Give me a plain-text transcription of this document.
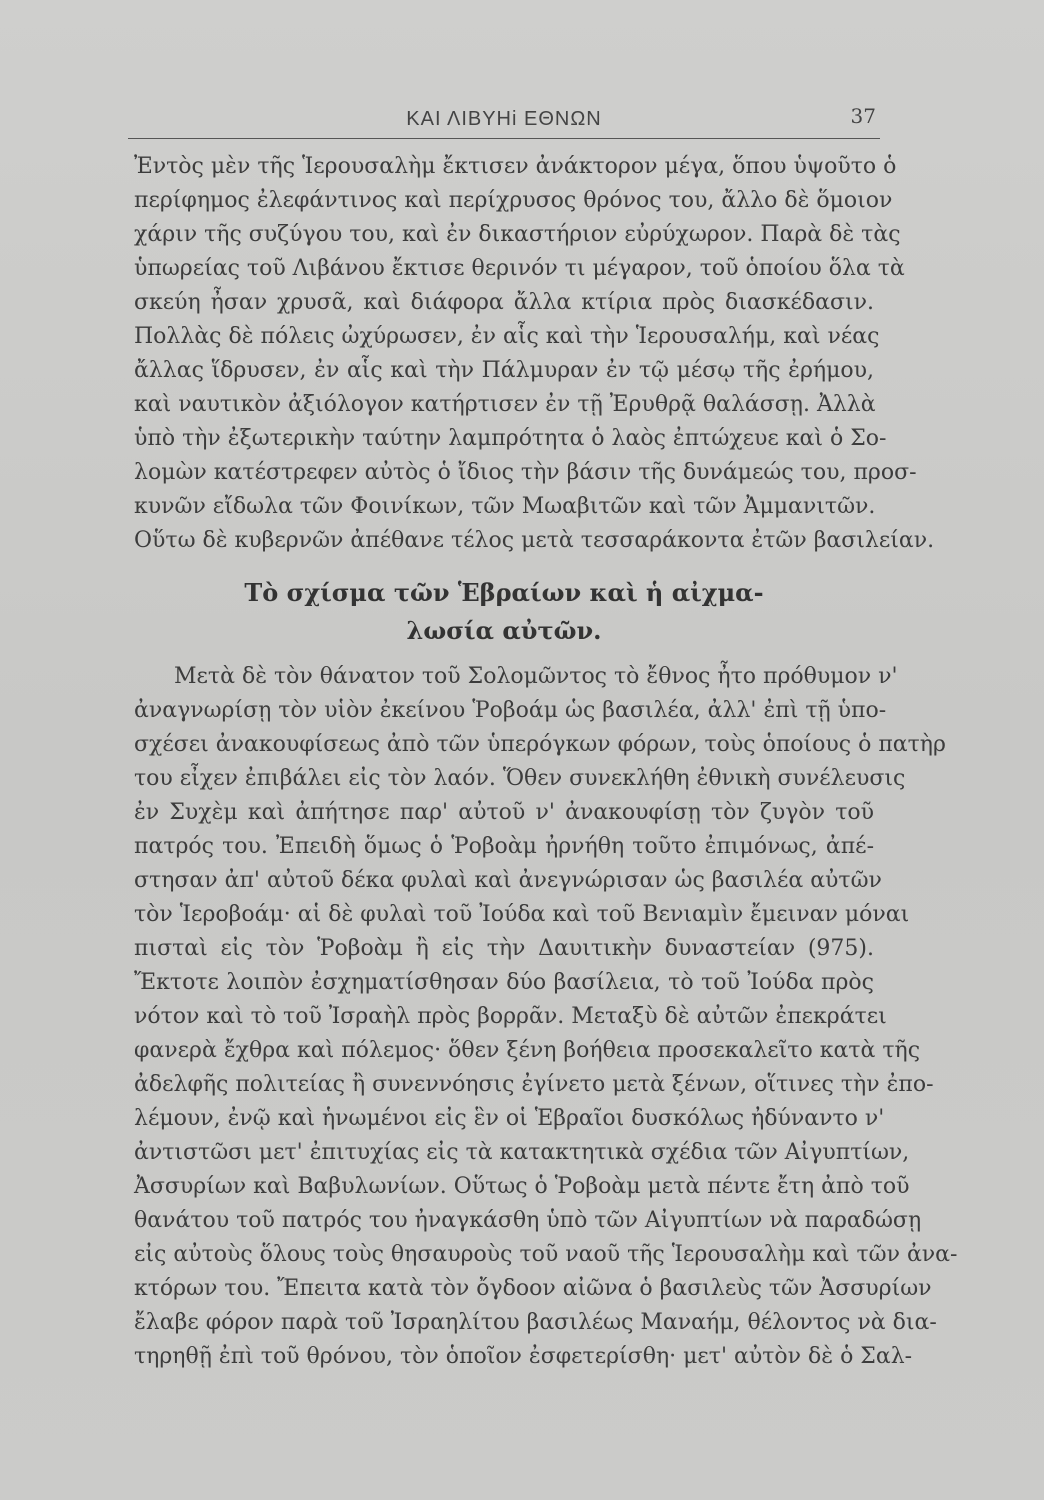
ΚΑΙ ΛΙΒΥΗi ΕΘΝΩΝ	37
Ἐντὸς μὲν τῆς Ἱερουσαλὴμ ἔκτισεν ἀνάκτορον μέγα, ὅπου ὑψοῦτο ὁ
περίφημος ἐλεφάντινος καὶ περίχρυσος θρόνος του, ἄλλο δὲ ὅμοιον
χάριν τῆς συζύγου του, καὶ ἐν δικαστήριον εὐρύχωρον. Παρὰ δὲ τὰς
ὑπωρείας τοῦ Λιβάνου ἔκτισε θερινόν τι μέγαρον, τοῦ ὁποίου ὅλα τὰ
σκεύη ἦσαν χρυσᾶ, καὶ διάφορα ἄλλα κτίρια πρὸς διασκέδασιν.
Πολλὰς δὲ πόλεις ὠχύρωσεν, ἐν αἷς καὶ τὴν Ἱερουσαλήμ, καὶ νέας
ἄλλας ἵδρυσεν, ἐν αἷς καὶ τὴν Πάλμυραν ἐν τῷ μέσῳ τῆς ἐρήμου,
καὶ ναυτικὸν ἀξιόλογον κατήρτισεν ἐν τῇ Ἐρυθρᾷ θαλάσσῃ. Ἀλλὰ
ὑπὸ τὴν ἐξωτερικὴν ταύτην λαμπρότητα ὁ λαὸς ἐπτώχευε καὶ ὁ Σο-
λομὼν κατέστρεφεν αὐτὸς ὁ ἴδιος τὴν βάσιν τῆς δυνάμεώς του, προσ-
κυνῶν εἴδωλα τῶν Φοινίκων, τῶν Μωαβιτῶν καὶ τῶν Ἀμμανιτῶν.
Οὕτω δὲ κυβερνῶν ἀπέθανε τέλος μετὰ τεσσαράκοντα ἐτῶν βασιλείαν.
Τὸ σχίσμα τῶν Ἑβραίων καὶ ἡ αἰχμα-
λωσία αὐτῶν.
Μετὰ δὲ τὸν θάνατον τοῦ Σολομῶντος τὸ ἔθνος ἦτο πρόθυμον ν'
ἀναγνωρίσῃ τὸν υἱὸν ἐκείνου Ῥοβοάμ ὡς βασιλέα, ἀλλ' ἐπὶ τῇ ὑπο-
σχέσει ἀνακουφίσεως ἀπὸ τῶν ὑπερόγκων φόρων, τοὺς ὁποίους ὁ πατὴρ
του εἶχεν ἐπιβάλει εἰς τὸν λαόν. Ὅθεν συνεκλήθη ἐθνικὴ συνέλευσις
ἐν Συχὲμ καὶ ἀπήτησε παρ' αὐτοῦ ν' ἀνακουφίσῃ τὸν ζυγὸν τοῦ
πατρός του. Ἐπειδὴ ὅμως ὁ Ῥοβοὰμ ἠρνήθη τοῦτο ἐπιμόνως, ἀπέ-
στησαν ἀπ' αὐτοῦ δέκα φυλαὶ καὶ ἀνεγνώρισαν ὡς βασιλέα αὐτῶν
τὸν Ἱεροβοάμ· αἱ δὲ φυλαὶ τοῦ Ἰούδα καὶ τοῦ Βενιαμὶν ἔμειναν μόναι
πισταὶ εἰς τὸν Ῥοβοὰμ ἢ εἰς τὴν Δαυιτικὴν δυναστείαν (975).
Ἔκτοτε λοιπὸν ἐσχηματίσθησαν δύο βασίλεια, τὸ τοῦ Ἰούδα πρὸς
νότον καὶ τὸ τοῦ Ἰσραὴλ πρὸς βορρᾶν. Μεταξὺ δὲ αὐτῶν ἐπεκράτει
φανερὰ ἔχθρα καὶ πόλεμος· ὅθεν ξένη βοήθεια προσεκαλεῖτο κατὰ τῆς
ἀδελφῆς πολιτείας ἢ συνεννόησις ἐγίνετο μετὰ ξένων, οἵτινες τὴν ἐπο-
λέμουν, ἐνῷ καὶ ἡνωμένοι εἰς ἓν οἱ Ἑβραῖοι δυσκόλως ἠδύναντο ν'
ἀντιστῶσι μετ' ἐπιτυχίας εἰς τὰ κατακτητικὰ σχέδια τῶν Αἰγυπτίων,
Ἀσσυρίων καὶ Βαβυλωνίων. Οὕτως ὁ Ῥοβοὰμ μετὰ πέντε ἔτη ἀπὸ τοῦ
θανάτου τοῦ πατρός του ἠναγκάσθη ὑπὸ τῶν Αἰγυπτίων νὰ παραδώσῃ
εἰς αὐτοὺς ὅλους τοὺς θησαυροὺς τοῦ ναοῦ τῆς Ἱερουσαλὴμ καὶ τῶν ἀνα-
κτόρων του. Ἔπειτα κατὰ τὸν ὄγδοον αἰῶνα ὁ βασιλεὺς τῶν Ἀσσυρίων
ἔλαβε φόρον παρὰ τοῦ Ἰσραηλίτου βασιλέως Μαναήμ, θέλοντος νὰ δια-
τηρηθῇ ἐπὶ τοῦ θρόνου, τὸν ὁποῖον ἐσφετερίσθη· μετ' αὐτὸν δὲ ὁ Σαλ-
